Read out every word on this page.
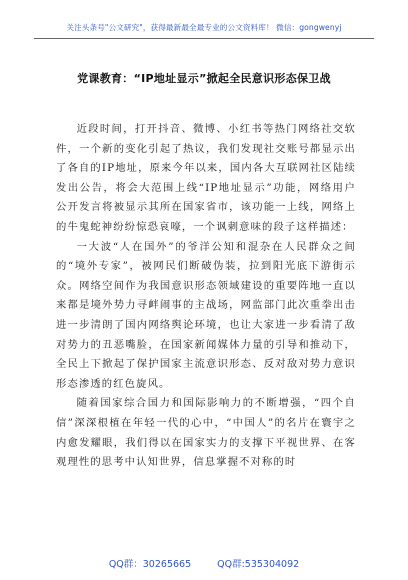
关注头条号"公文研究"，获得最新最全最专业的公文资料库！ 微信：gongwenyj
党课教育：“IP地址显示”掀起全民意识形态保卫战

近段时间，打开抖音、微博、小红书等热门网络社交软件，一个新的变化引起了热议，我们发现社交账号都显示出了各自的IP地址，原来今年以来，国内各大互联网社区陆续发出公告，将会大范围上线“IP地址显示”功能，网络用户公开发言将被显示其所在国家省市，该功能一上线，网络上的牛鬼蛇神纷纷惊恐哀嚎，一个讽刺意味的段子这样描述：

一大波“人在国外”的爷洋公知和混杂在人民群众之间的“境外专家”，被网民们断破伪装，拉到阳光底下游街示众。网络空间作为我国意识形态领域建设的重要阵地一直以来都是境外势力寻衅闹事的主战场，网监部门此次重拳出击进一步清朗了国内网络舆论环境，也让大家进一步看清了敌对势力的丑恶嘴脸，在国家新闻媒体力量的引导和推动下，全民上下掀起了保护国家主流意识形态、反对敌对势力意识形态渗透的红色旋风。

随着国家综合国力和国际影响力的不断增强，“四个自信”深深根植在年轻一代的心中，“中国人”的名片在寰宇之内愈发耀眼，我们得以在国家实力的支撑下平视世界、在客观理性的思考中认知世界，信息掌握不对称的时

QQ群：30265665	QQ群:535304092
